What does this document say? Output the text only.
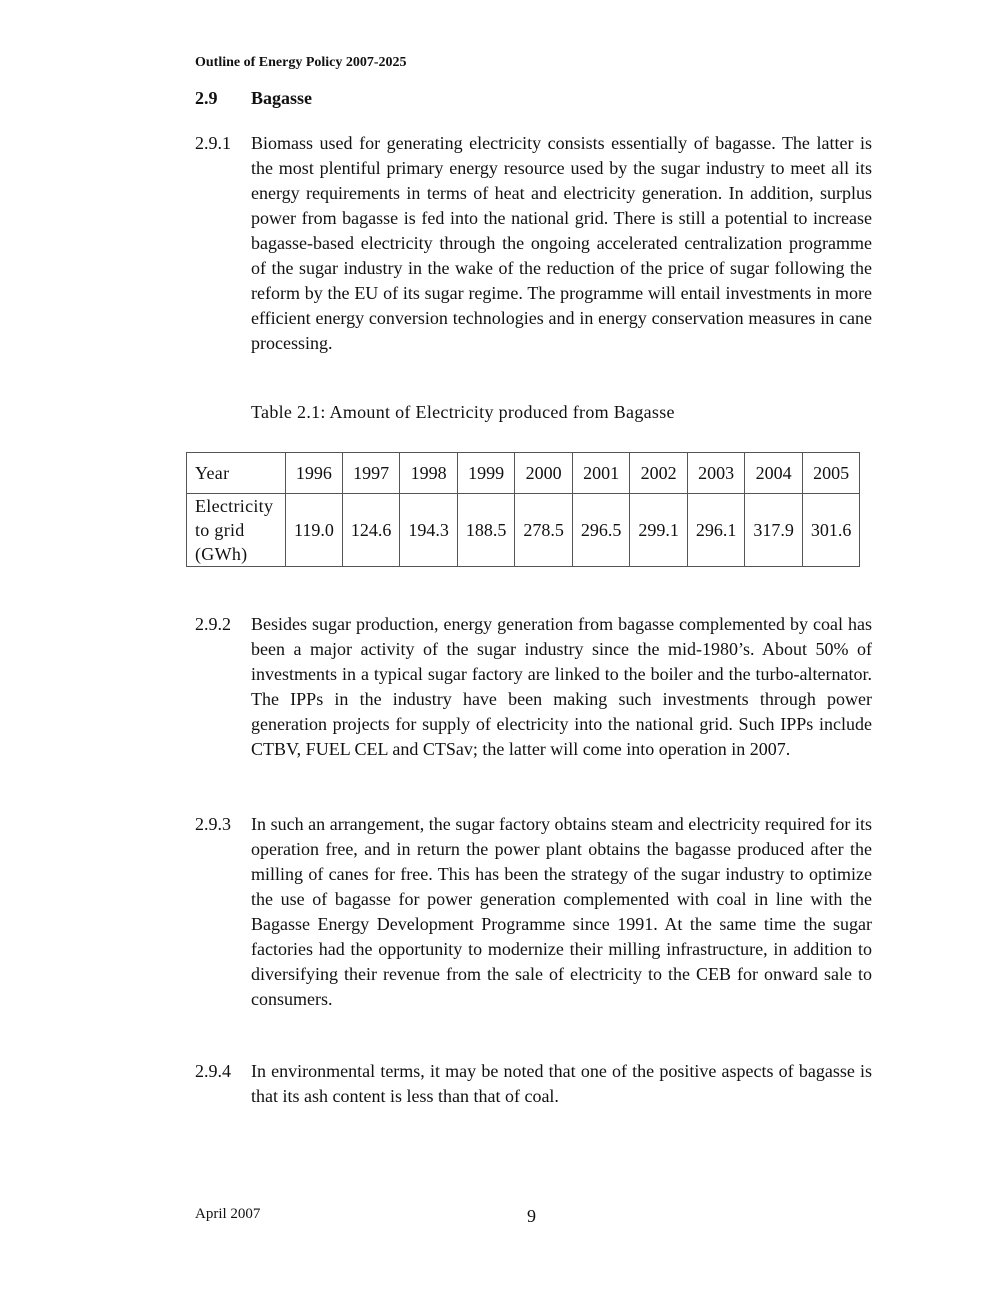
Outline of Energy Policy 2007-2025
2.9 Bagasse
2.9.1 Biomass used for generating electricity consists essentially of bagasse. The latter is the most plentiful primary energy resource used by the sugar industry to meet all its energy requirements in terms of heat and electricity generation. In addition, surplus power from bagasse is fed into the national grid. There is still a potential to increase bagasse-based electricity through the ongoing accelerated centralization programme of the sugar industry in the wake of the reduction of the price of sugar following the reform by the EU of its sugar regime. The programme will entail investments in more efficient energy conversion technologies and in energy conservation measures in cane processing.
Table 2.1: Amount of Electricity produced from Bagasse
Year	1996	1997	1998	1999	2000	2001	2002	2003	2004	2005
Electricity to grid (GWh)	119.0	124.6	194.3	188.5	278.5	296.5	299.1	296.1	317.9	301.6
2.9.2 Besides sugar production, energy generation from bagasse complemented by coal has been a major activity of the sugar industry since the mid-1980’s. About 50% of investments in a typical sugar factory are linked to the boiler and the turbo-alternator. The IPPs in the industry have been making such investments through power generation projects for supply of electricity into the national grid. Such IPPs include CTBV, FUEL CEL and CTSav; the latter will come into operation in 2007.
2.9.3 In such an arrangement, the sugar factory obtains steam and electricity required for its operation free, and in return the power plant obtains the bagasse produced after the milling of canes for free. This has been the strategy of the sugar industry to optimize the use of bagasse for power generation complemented with coal in line with the Bagasse Energy Development Programme since 1991. At the same time the sugar factories had the opportunity to modernize their milling infrastructure, in addition to diversifying their revenue from the sale of electricity to the CEB for onward sale to consumers.
2.9.4 In environmental terms, it may be noted that one of the positive aspects of bagasse is that its ash content is less than that of coal.
April 2007	9
